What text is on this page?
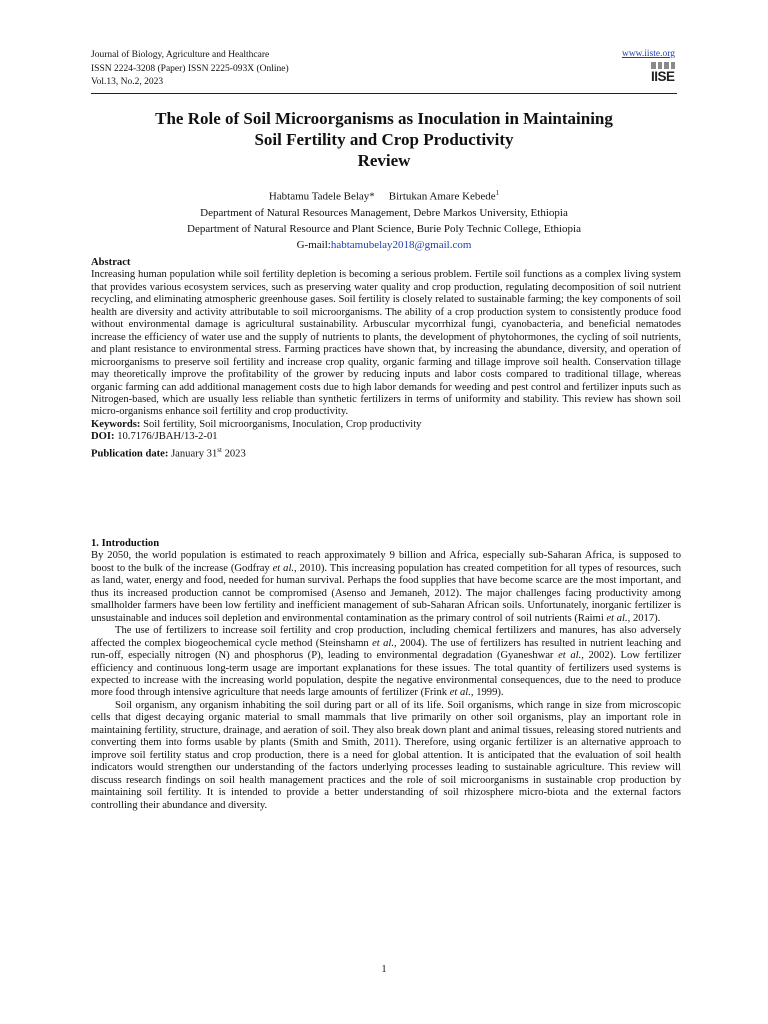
Journal of Biology, Agriculture and Healthcare
ISSN 2224-3208 (Paper) ISSN 2225-093X (Online)
Vol.13, No.2, 2023
www.iiste.org
IISE
The Role of Soil Microorganisms as Inoculation in Maintaining
Soil Fertility and Crop Productivity
Review
Habtamu Tadele Belay* Birtukan Amare Kebede$^1$
Department of Natural Resources Management, Debre Markos University, Ethiopia
Department of Natural Resource and Plant Science, Burie Poly Technic College, Ethiopia
G-mail:habtamubelay2018@gmail.com
Abstract
Increasing human population while soil fertility depletion is becoming a serious problem. Fertile soil functions as a complex living system that provides various ecosystem services, such as preserving water quality and crop production, regulating decomposition of soil nutrient recycling, and eliminating atmospheric greenhouse gases. Soil fertility is closely related to sustainable farming; the key components of soil health are diversity and activity attributable to soil microorganisms. The ability of a crop production system to consistently produce food without environmental damage is agricultural sustainability. Arbuscular mycorrhizal fungi, cyanobacteria, and beneficial nematodes increase the efficiency of water use and the supply of nutrients to plants, the development of phytohormones, the cycling of soil nutrients, and plant resistance to environmental stress. Farming practices have shown that, by increasing the abundance, diversity, and operation of microorganisms to preserve soil fertility and increase crop quality, organic farming and tillage improve soil health. Conservation tillage may theoretically improve the profitability of the grower by reducing inputs and labor costs compared to traditional tillage, whereas organic farming can add additional management costs due to high labor demands for weeding and pest control and fertilizer inputs such as Nitrogen-based, which are usually less reliable than synthetic fertilizers in terms of uniformity and stability. This review has shown soil micro-organisms enhance soil fertility and crop productivity.
Keywords: Soil fertility, Soil microorganisms, Inoculation, Crop productivity
DOI: 10.7176/JBAH/13-2-01
Publication date: January 31st 2023
1. Introduction
By 2050, the world population is estimated to reach approximately 9 billion and Africa, especially sub-Saharan Africa, is supposed to boost to the bulk of the increase (Godfray et al., 2010). This increasing population has created competition for all types of resources, such as land, water, energy and food, needed for human survival. Perhaps the food supplies that have become scarce are the most important, and thus its increased production cannot be compromised (Asenso and Jemaneh, 2012). The major challenges facing productivity among smallholder farmers have been low fertility and inefficient management of sub-Saharan African soils. Unfortunately, inorganic fertilizer is unsustainable and induces soil depletion and environmental contamination as the primary control of soil nutrients (Raimi et al., 2017).
The use of fertilizers to increase soil fertility and crop production, including chemical fertilizers and manures, has also adversely affected the complex biogeochemical cycle method (Steinshamn et al., 2004). The use of fertilizers has resulted in nutrient leaching and run-off, especially nitrogen (N) and phosphorus (P), leading to environmental degradation (Gyaneshwar et al., 2002). Low fertilizer efficiency and continuous long-term usage are important explanations for these issues. The total quantity of fertilizers used systems is expected to increase with the increasing world population, despite the negative environmental consequences, due to the need to produce more food through intensive agriculture that needs large amounts of fertilizer (Frink et al., 1999).
Soil organism, any organism inhabiting the soil during part or all of its life. Soil organisms, which range in size from microscopic cells that digest decaying organic material to small mammals that live primarily on other soil organisms, play an important role in maintaining fertility, structure, drainage, and aeration of soil. They also break down plant and animal tissues, releasing stored nutrients and converting them into forms usable by plants (Smith and Smith, 2011). Therefore, using organic fertilizer is an alternative approach to improve soil fertility status and crop production, there is a need for global attention. It is anticipated that the evaluation of soil health indicators would strengthen our understanding of the factors underlying processes leading to sustainable agriculture. This review will discuss research findings on soil health management practices and the role of soil microorganisms in sustainable crop production by maintaining soil fertility. It is intended to provide a better understanding of soil rhizosphere micro-biota and the external factors controlling their abundance and diversity.
1
